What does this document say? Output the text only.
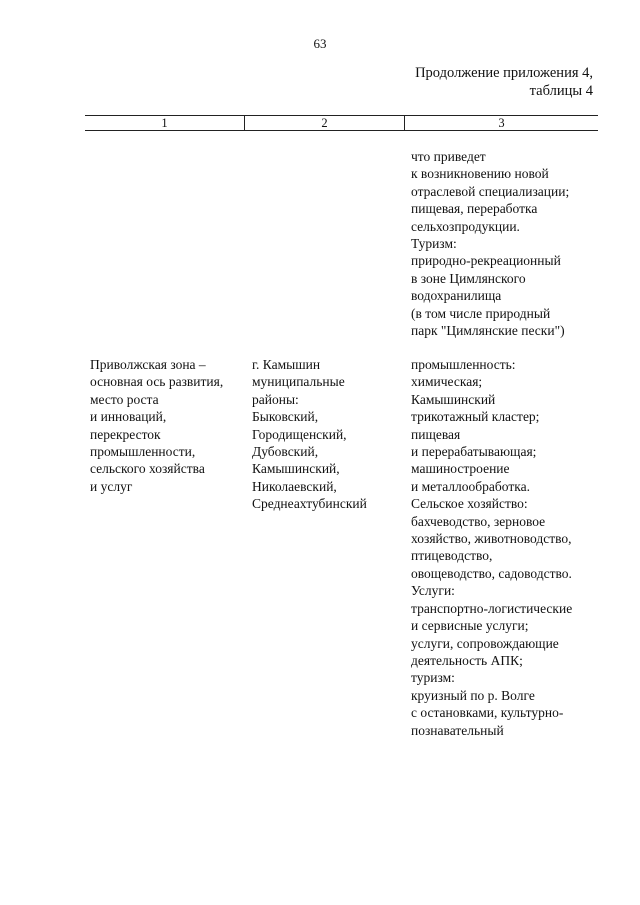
63
Продолжение приложения 4,
таблицы 4
1	2	3
что приведет
к возникновению новой
отраслевой специализации;
пищевая, переработка
сельхозпродукции.
Туризм:
природно-рекреационный
в зоне Цимлянского
водохранилища
(в том числе природный
парк "Цимлянские пески")
Приволжская зона –
основная ось развития,
место роста
и инноваций,
перекресток
промышленности,
сельского хозяйства
и услуг
г. Камышин
муниципальные
районы:
Быковский,
Городищенский,
Дубовский,
Камышинский,
Николаевский,
Среднеахтубинский
промышленность:
химическая;
Камышинский
трикотажный кластер;
пищевая
и перерабатывающая;
машиностроение
и металлообработка.
Сельское хозяйство:
бахчеводство, зерновое
хозяйство, животноводство,
птицеводство,
овощеводство, садоводство.
Услуги:
транспортно-логистические
и сервисные услуги;
услуги, сопровождающие
деятельность АПК;
туризм:
круизный по р. Волге
с остановками, культурно-
познавательный
